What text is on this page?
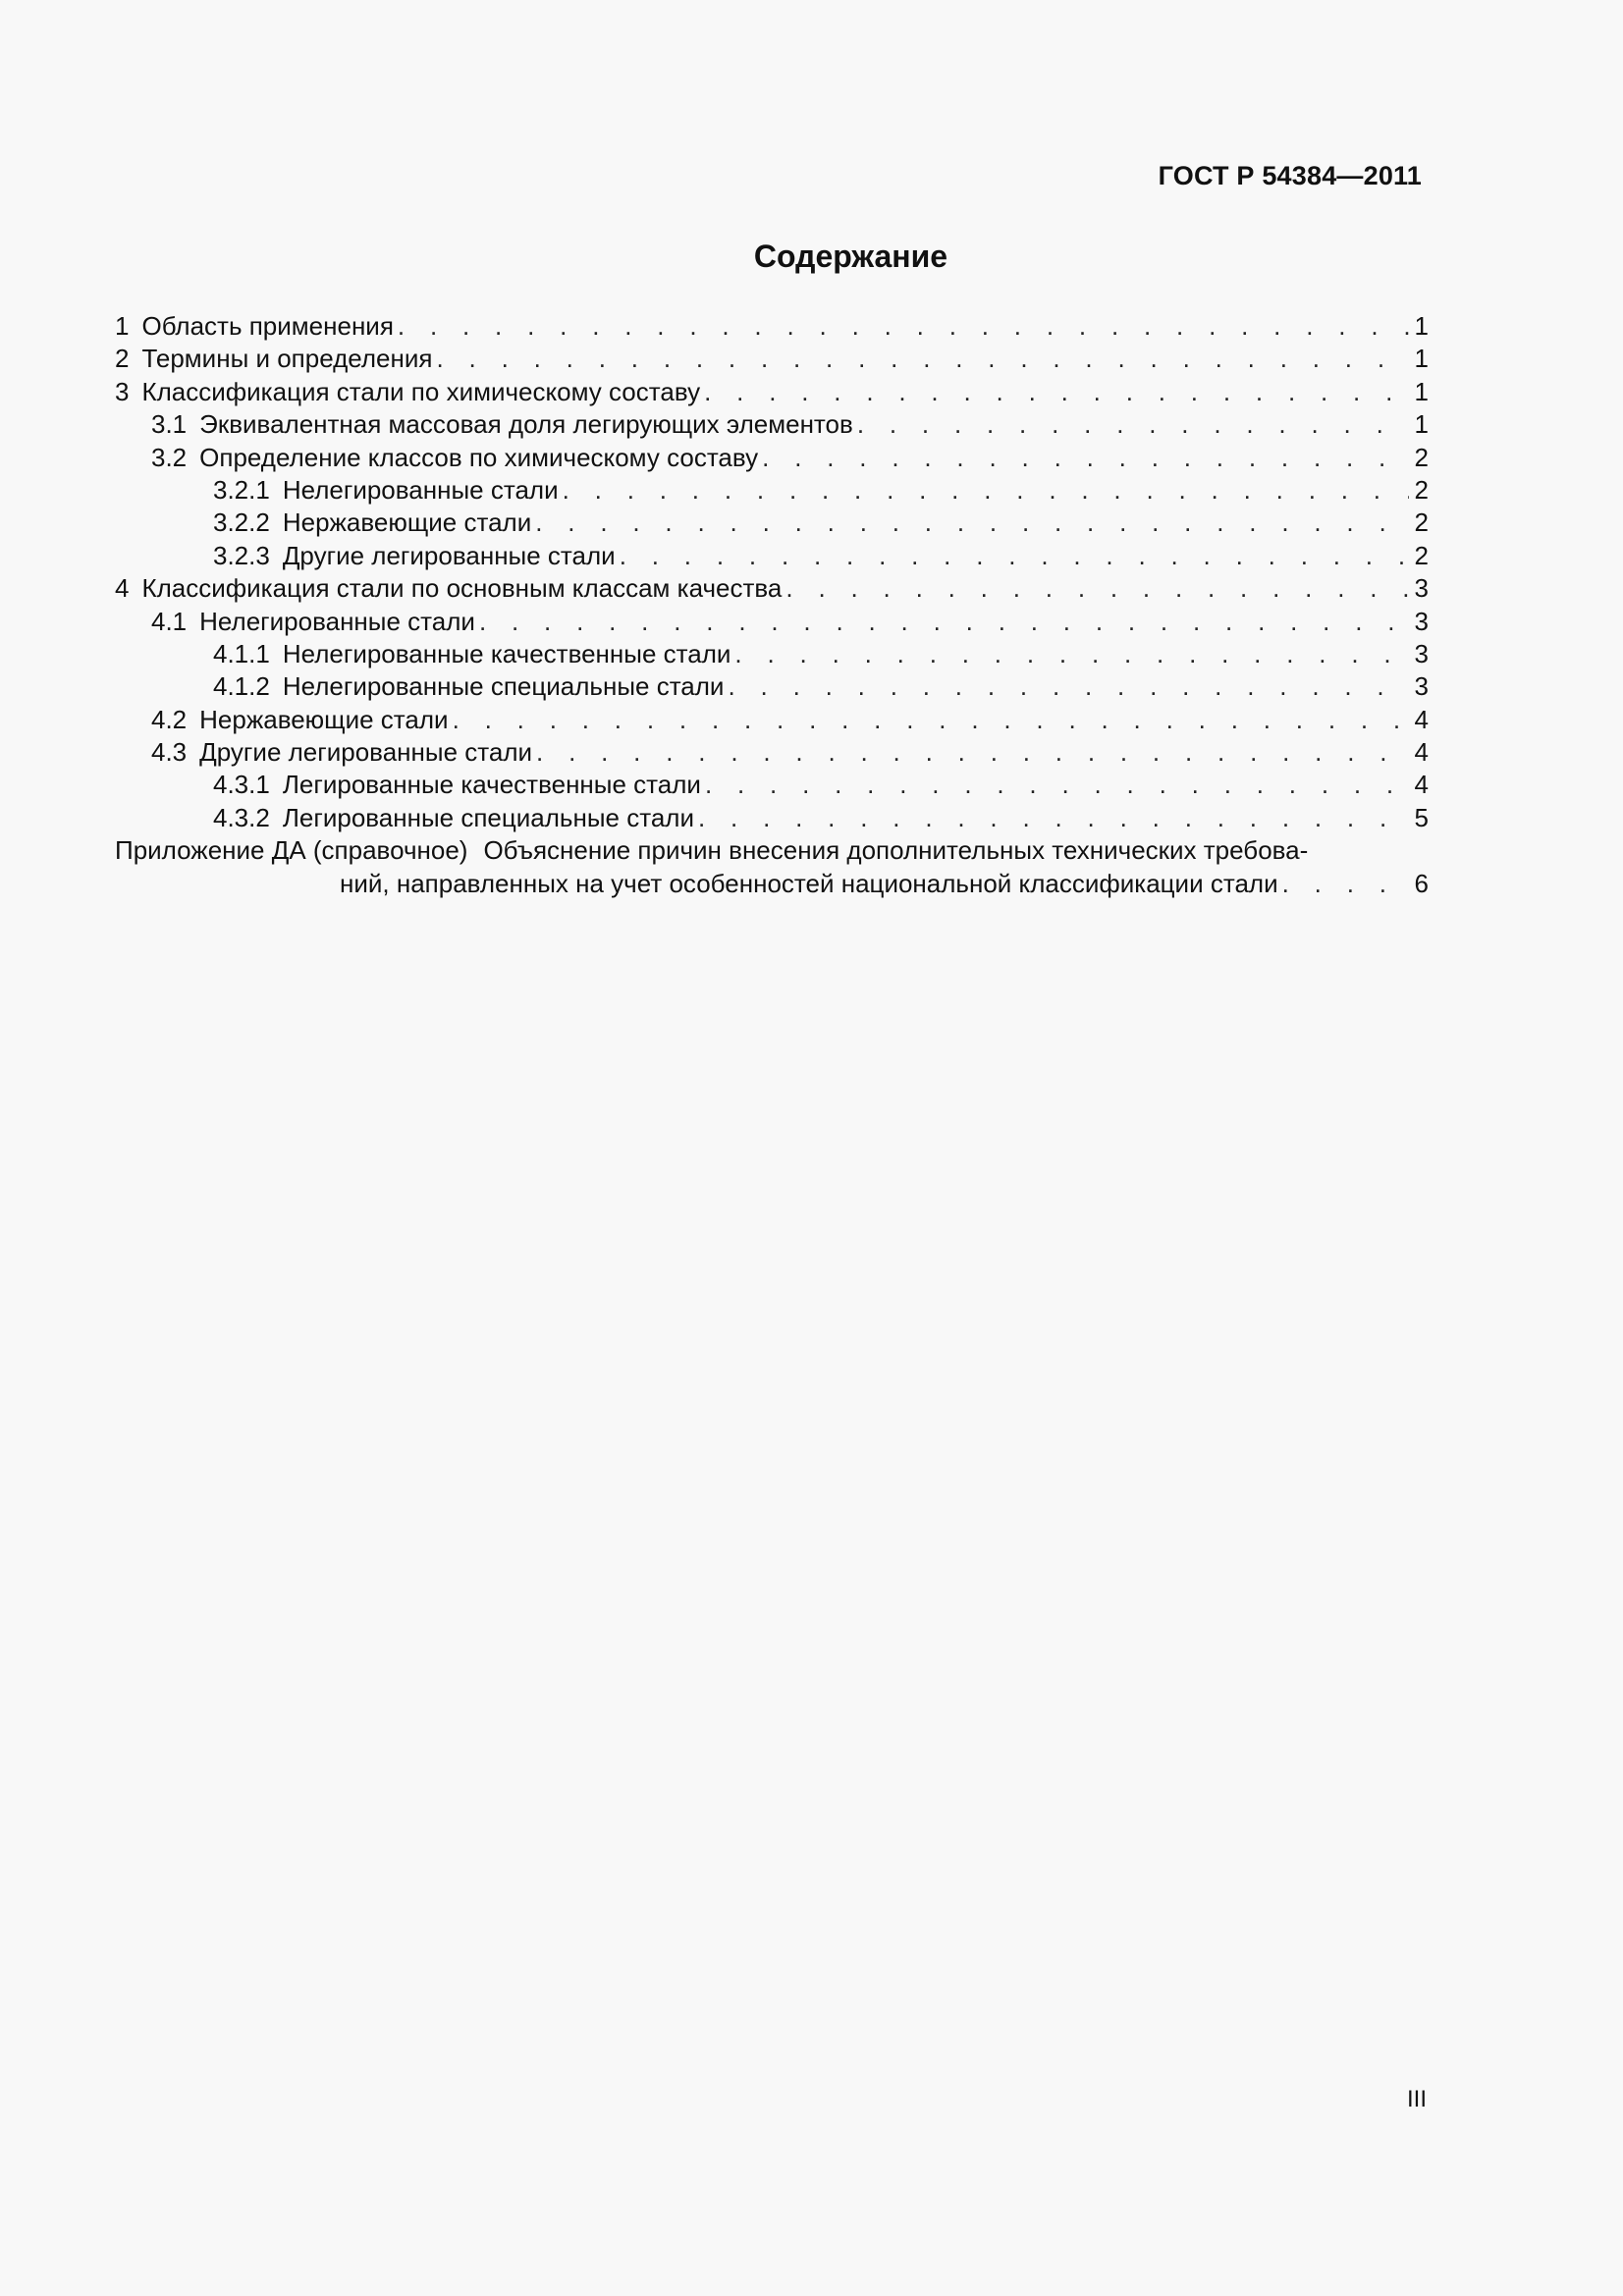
ГОСТ Р 54384—2011
Содержание
1 Область применения . . .	1
2 Термины и определения . . .	1
3 Классификация стали по химическому составу . . .	1
3.1 Эквивалентная массовая доля легирующих элементов . . .	1
3.2 Определение классов по химическому составу . . .	2
3.2.1 Нелегированные стали . . .	2
3.2.2 Нержавеющие стали . . .	2
3.2.3 Другие легированные стали . . .	2
4 Классификация стали по основным классам качества . . .	3
4.1 Нелегированные стали . . .	3
4.1.1 Нелегированные качественные стали . . .	3
4.1.2 Нелегированные специальные стали . . .	3
4.2 Нержавеющие стали . . .	4
4.3 Другие легированные стали . . .	4
4.3.1 Легированные качественные стали . . .	4
4.3.2 Легированные специальные стали . . .	5
Приложение ДА (справочное) Объяснение причин внесения дополнительных технических требова-
ний, направленных на учет особенностей национальной классификации стали . . .	6
III
